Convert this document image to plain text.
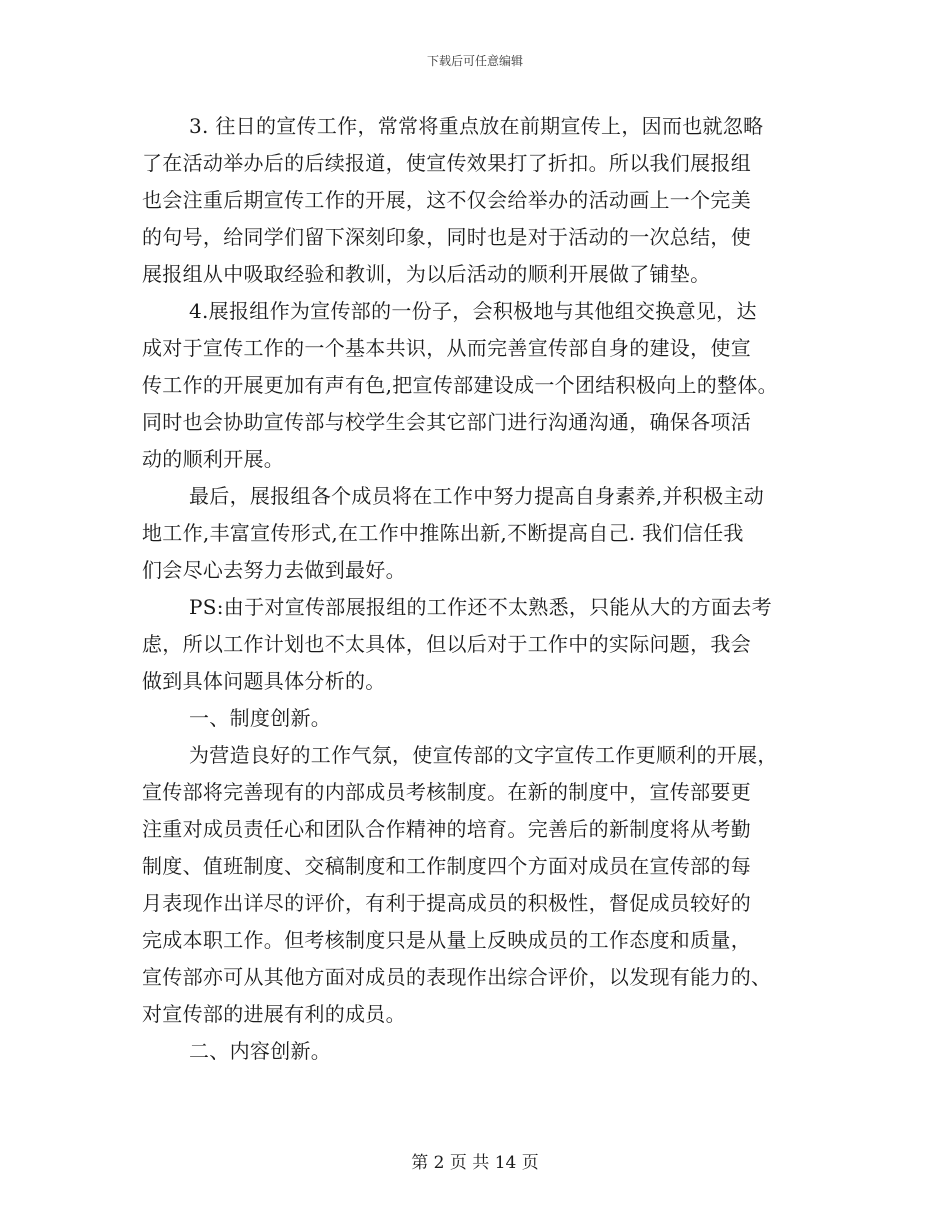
下载后可任意编辑
3. 往日的宣传工作，常常将重点放在前期宣传上，因而也就忽略
了在活动举办后的后续报道，使宣传效果打了折扣。所以我们展报组
也会注重后期宣传工作的开展，这不仅会给举办的活动画上一个完美
的句号，给同学们留下深刻印象，同时也是对于活动的一次总结，使
展报组从中吸取经验和教训，为以后活动的顺利开展做了铺垫。
4.展报组作为宣传部的一份子，会积极地与其他组交换意见，达
成对于宣传工作的一个基本共识，从而完善宣传部自身的建设，使宣
传工作的开展更加有声有色,把宣传部建设成一个团结积极向上的整体。
同时也会协助宣传部与校学生会其它部门进行沟通沟通，确保各项活
动的顺利开展。
最后，展报组各个成员将在工作中努力提高自身素养,并积极主动
地工作,丰富宣传形式,在工作中推陈出新,不断提高自己. 我们信任我
们会尽心去努力去做到最好。
PS:由于对宣传部展报组的工作还不太熟悉，只能从大的方面去考
虑，所以工作计划也不太具体，但以后对于工作中的实际问题，我会
做到具体问题具体分析的。
一、制度创新。
为营造良好的工作气氛，使宣传部的文字宣传工作更顺利的开展，
宣传部将完善现有的内部成员考核制度。在新的制度中，宣传部要更
注重对成员责任心和团队合作精神的培育。完善后的新制度将从考勤
制度、值班制度、交稿制度和工作制度四个方面对成员在宣传部的每
月表现作出详尽的评价，有利于提高成员的积极性，督促成员较好的
完成本职工作。但考核制度只是从量上反映成员的工作态度和质量，
宣传部亦可从其他方面对成员的表现作出综合评价，以发现有能力的、
对宣传部的进展有利的成员。
二、内容创新。
第 2 页 共 14 页
